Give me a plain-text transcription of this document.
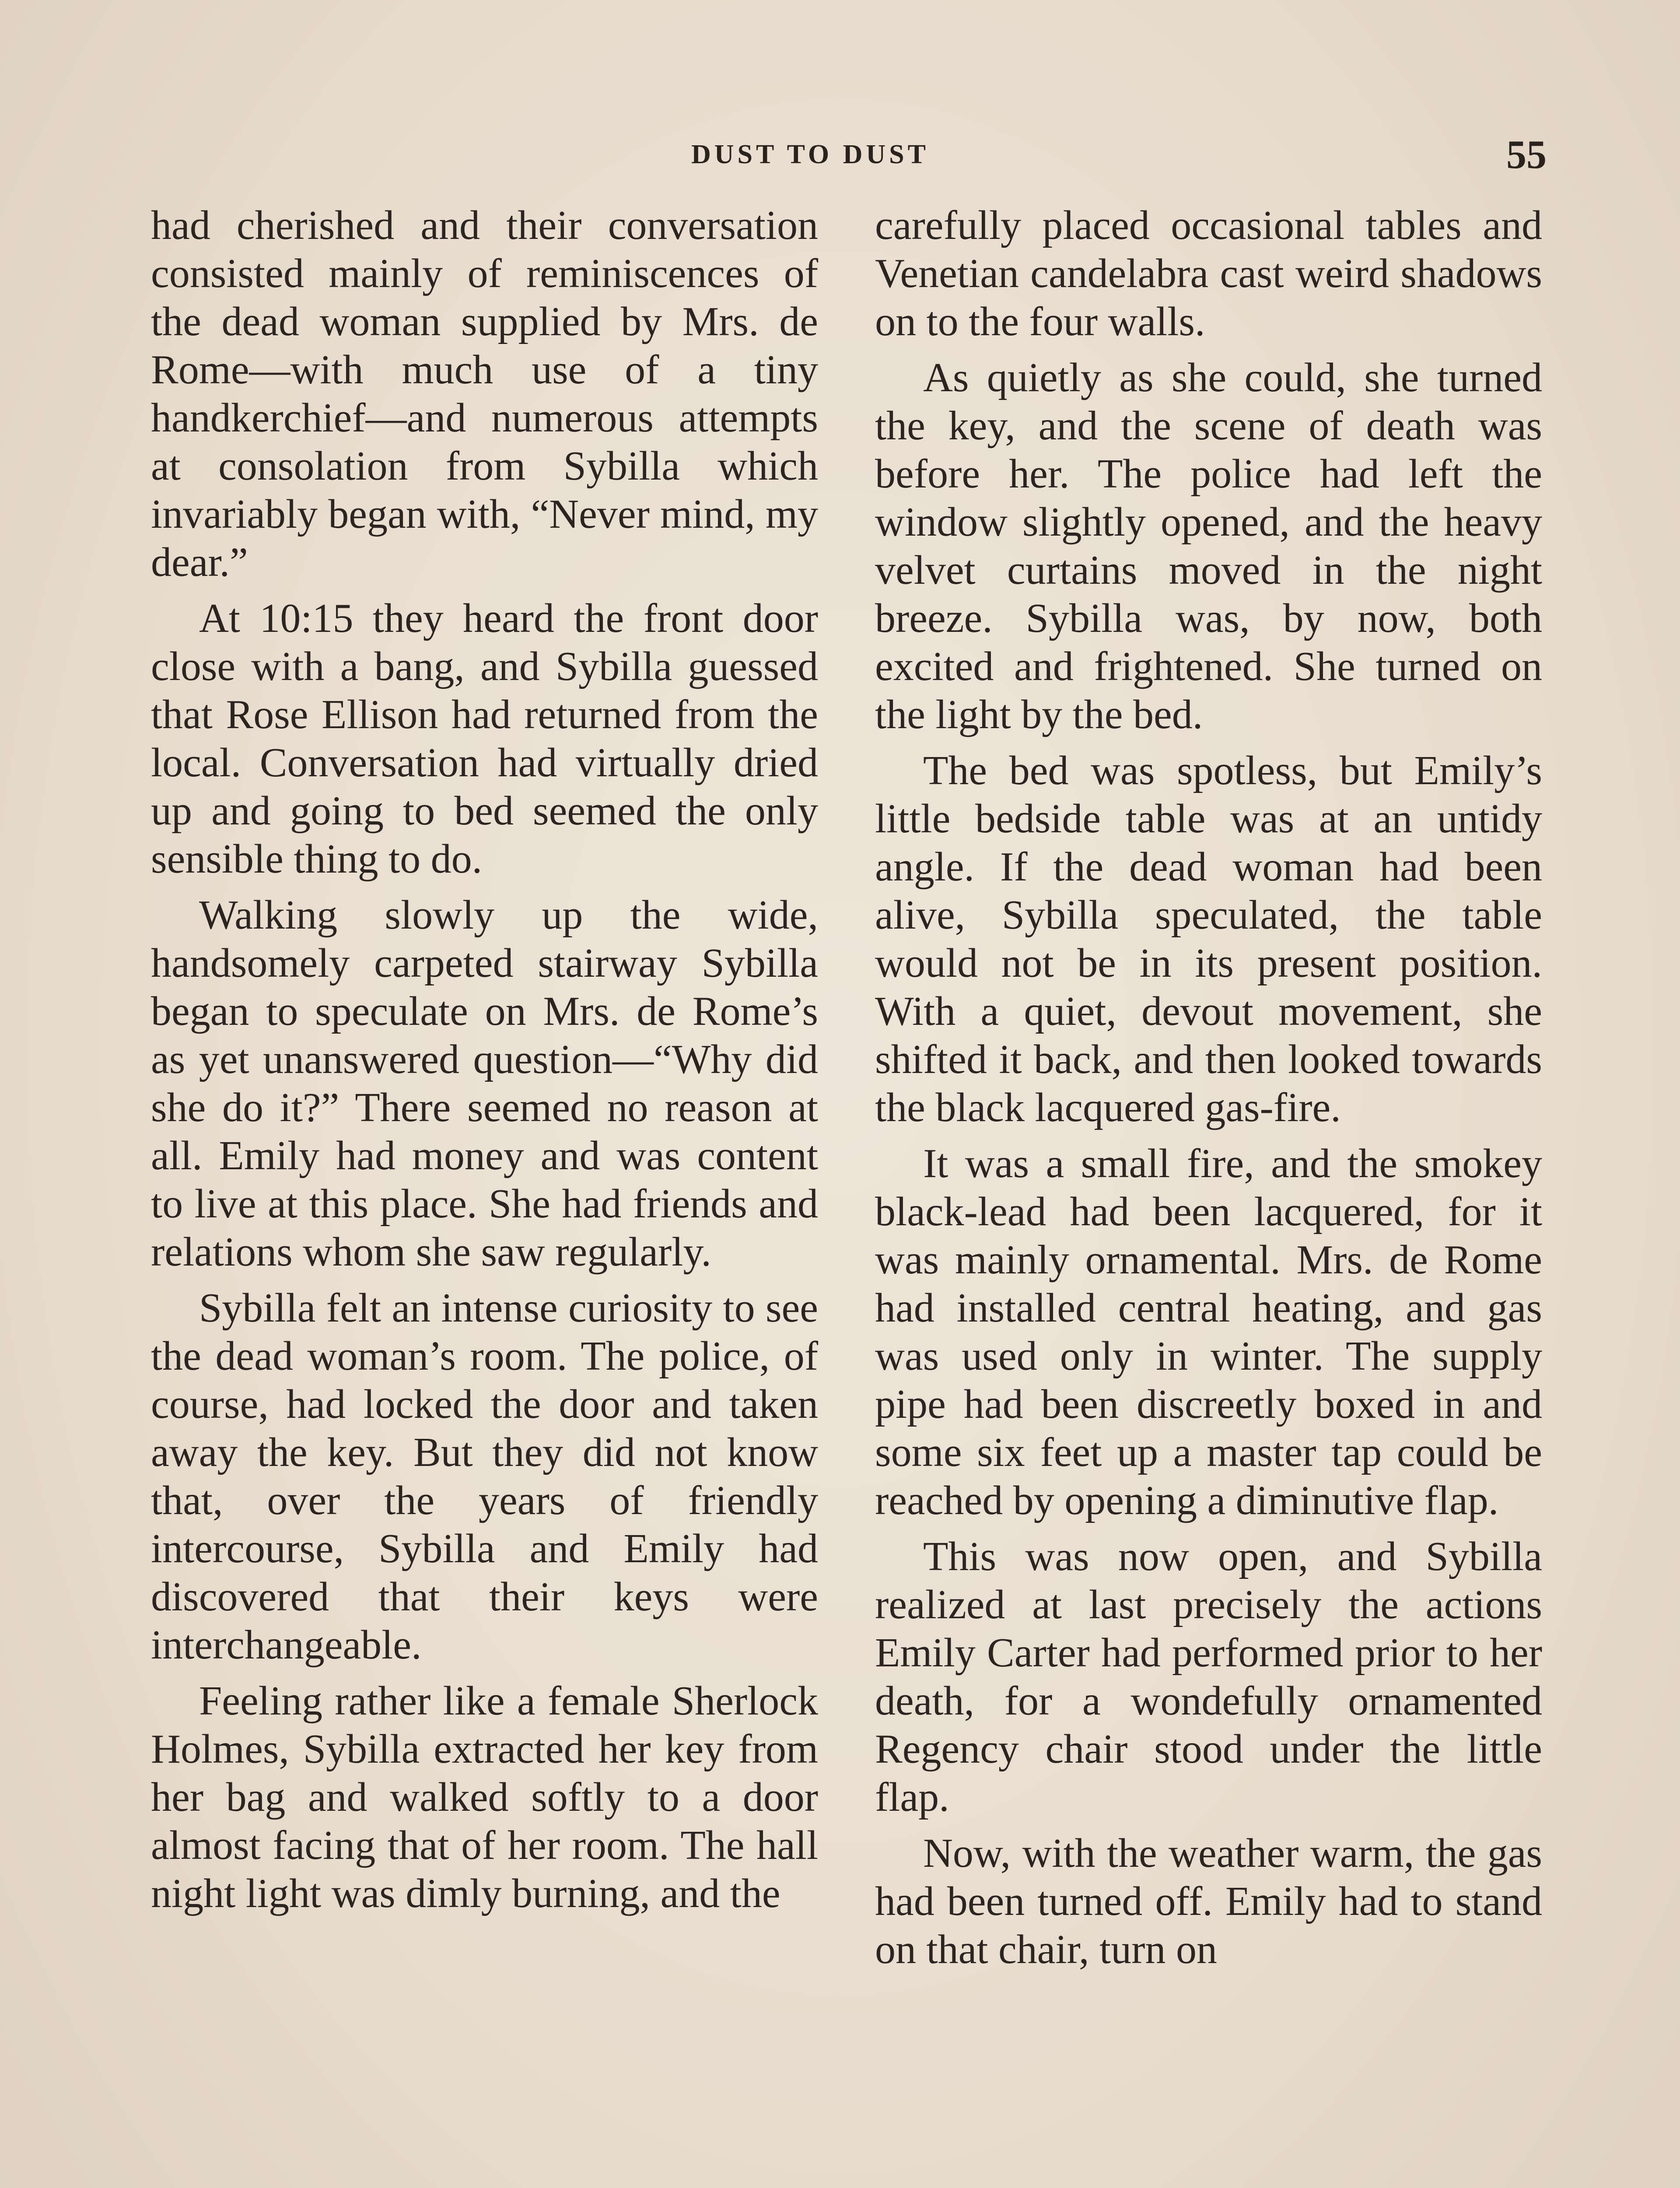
DUST TO DUST	55

had cherished and their conversation consisted mainly of reminiscences of the dead woman supplied by Mrs. de Rome—with much use of a tiny handkerchief—and numerous attempts at consolation from Sybilla which invariably began with, “Never mind, my dear.”

At 10:15 they heard the front door close with a bang, and Sybilla guessed that Rose Ellison had returned from the local. Conversation had virtually dried up and going to bed seemed the only sensible thing to do.

Walking slowly up the wide, handsomely carpeted stairway Sybilla began to speculate on Mrs. de Rome’s as yet unanswered question—“Why did she do it?” There seemed no reason at all. Emily had money and was content to live at this place. She had friends and relations whom she saw regularly.

Sybilla felt an intense curiosity to see the dead woman’s room. The police, of course, had locked the door and taken away the key. But they did not know that, over the years of friendly intercourse, Sybilla and Emily had discovered that their keys were interchangeable.

Feeling rather like a female Sherlock Holmes, Sybilla extracted her key from her bag and walked softly to a door almost facing that of her room. The hall night light was dimly burning, and the

carefully placed occasional tables and Venetian candelabra cast weird shadows on to the four walls.

As quietly as she could, she turned the key, and the scene of death was before her. The police had left the window slightly opened, and the heavy velvet curtains moved in the night breeze. Sybilla was, by now, both excited and frightened. She turned on the light by the bed.

The bed was spotless, but Emily’s little bedside table was at an untidy angle. If the dead woman had been alive, Sybilla speculated, the table would not be in its present position. With a quiet, devout movement, she shifted it back, and then looked towards the black lacquered gas-fire.

It was a small fire, and the smokey black-lead had been lacquered, for it was mainly ornamental. Mrs. de Rome had installed central heating, and gas was used only in winter. The supply pipe had been discreetly boxed in and some six feet up a master tap could be reached by opening a diminutive flap.

This was now open, and Sybilla realized at last precisely the actions Emily Carter had performed prior to her death, for a wondefully ornamented Regency chair stood under the little flap.

Now, with the weather warm, the gas had been turned off. Emily had to stand on that chair, turn on
